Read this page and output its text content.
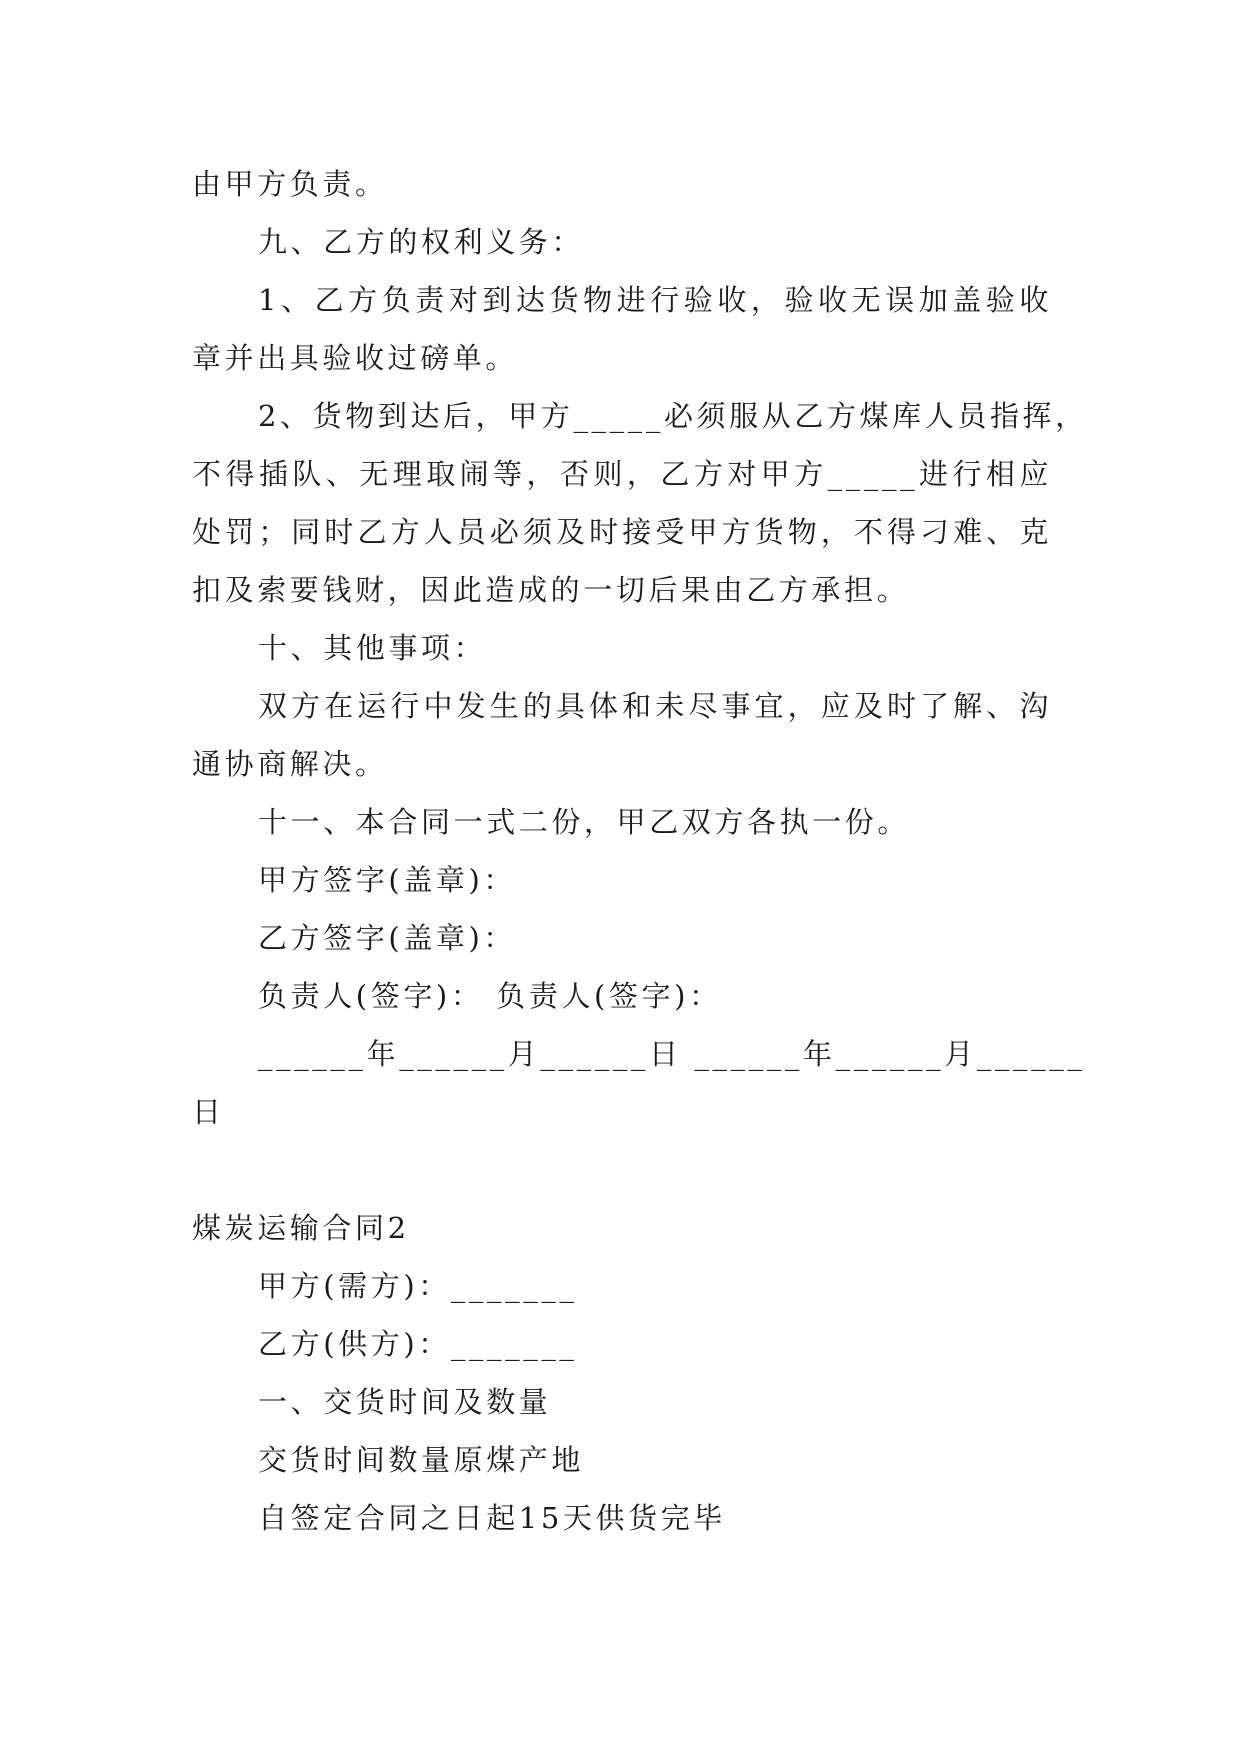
由甲方负责。
九、乙方的权利义务：
1、乙方负责对到达货物进行验收，验收无误加盖验收
章并出具验收过磅单。
2、货物到达后，甲方_____必须服从乙方煤库人员指挥，
不得插队、无理取闹等，否则，乙方对甲方_____进行相应
处罚；同时乙方人员必须及时接受甲方货物，不得刁难、克
扣及索要钱财，因此造成的一切后果由乙方承担。
十、其他事项：
双方在运行中发生的具体和未尽事宜，应及时了解、沟
通协商解决。
十一、本合同一式二份，甲乙双方各执一份。
甲方签字(盖章)：
乙方签字(盖章)：
负责人(签字)： 负责人(签字)：
______年______月______日 ______年______月______
日
煤炭运输合同2
甲方(需方)：_______
乙方(供方)：_______
一、交货时间及数量
交货时间数量原煤产地
自签定合同之日起15天供货完毕
